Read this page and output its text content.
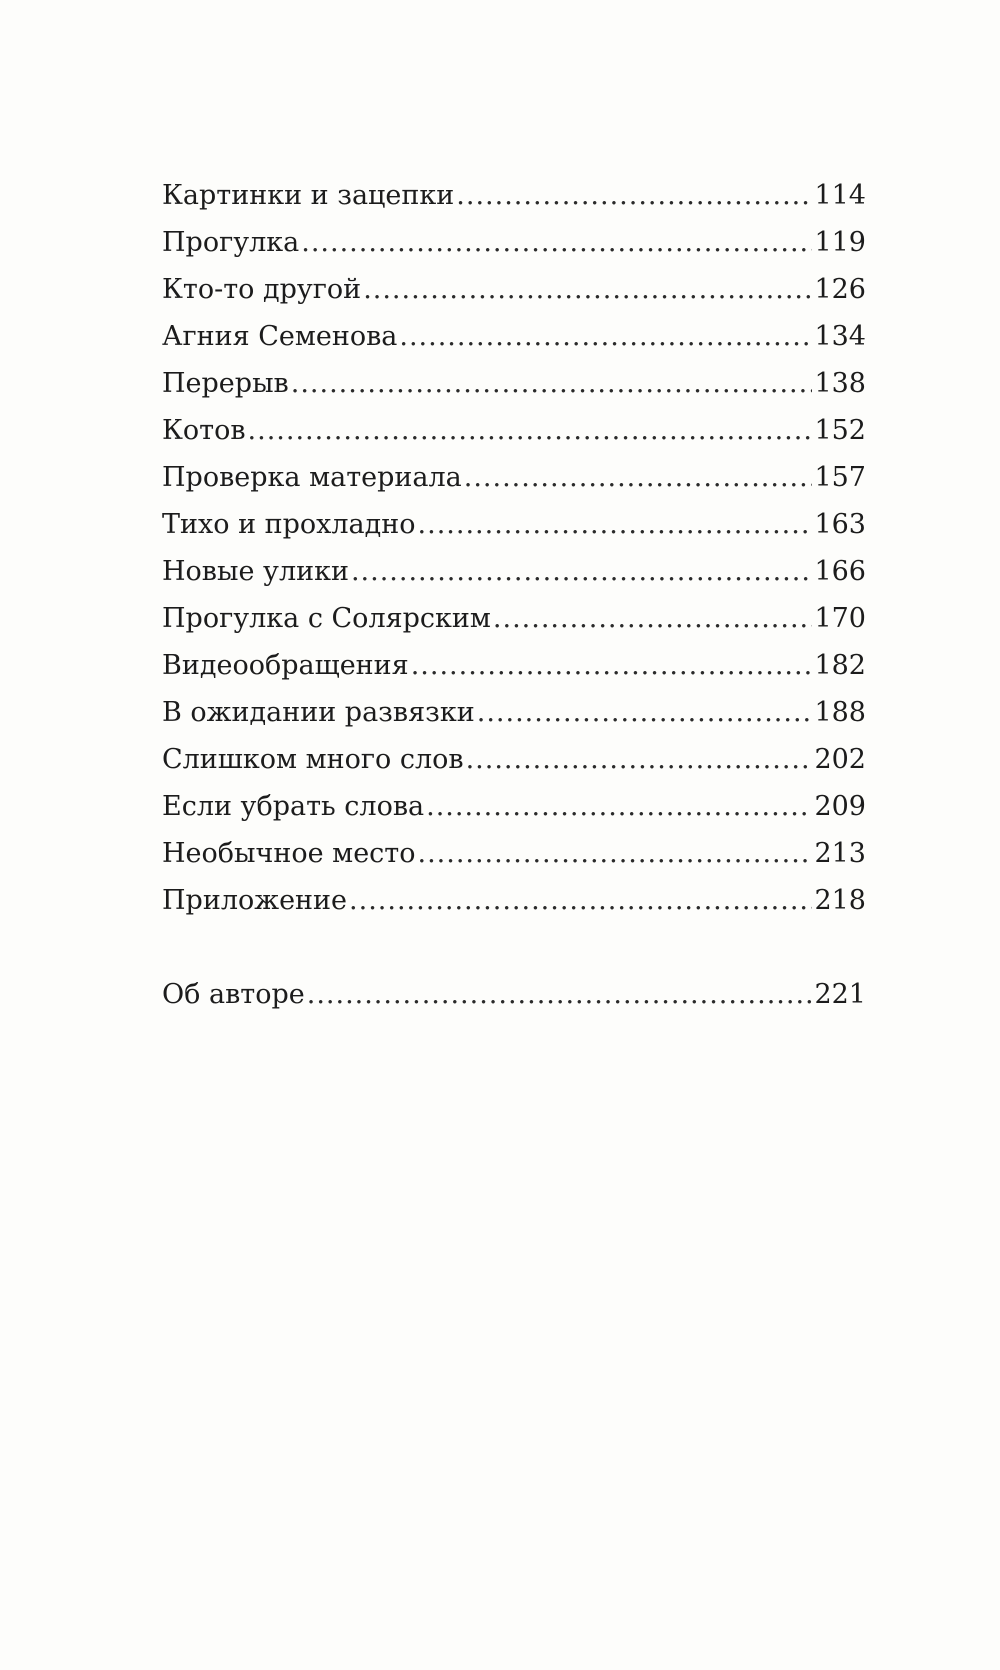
Картинки и зацепки .....	114
Прогулка .....	119
Кто-то другой .....	126
Агния Семенова .....	134
Перерыв .....	138
Котов .....	152
Проверка материала .....	157
Тихо и прохладно .....	163
Новые улики .....	166
Прогулка с Солярским .....	170
Видеообращения .....	182
В ожидании развязки .....	188
Слишком много слов .....	202
Если убрать слова .....	209
Необычное место .....	213
Приложение .....	218
Об авторе .....	221
